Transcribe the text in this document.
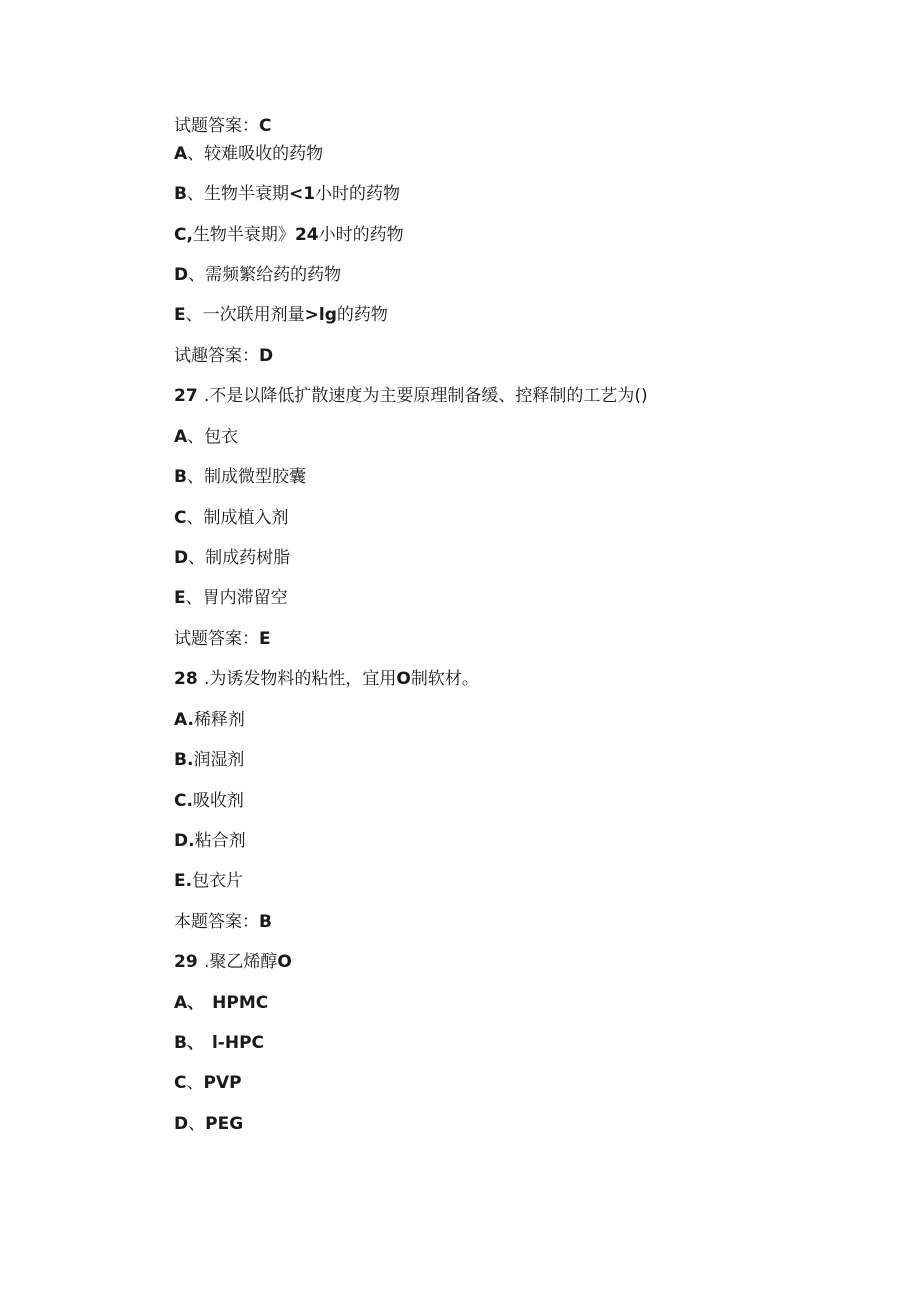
试题答案：C
A、较难吸收的药物
B、生物半衰期<1小时的药物
C,生物半衰期》24小时的药物
D、需频繁给药的药物
E、一次联用剂量>lg的药物
试趣答案：D
27 .不是以降低扩散速度为主要原理制备缓、控释制的工艺为()
A、包衣
B、制成微型胶囊
C、制成植入剂
D、制成药树脂
E、胃内滞留空
试题答案：E
28 .为诱发物料的粘性，宜用O制软材。
A.稀释剂
B.润湿剂
C.吸收剂
D.粘合剂
E.包衣片
本题答案：B
29 .聚乙烯醇O
A、 HPMC
B、 l-HPC
C、PVP
D、PEG
